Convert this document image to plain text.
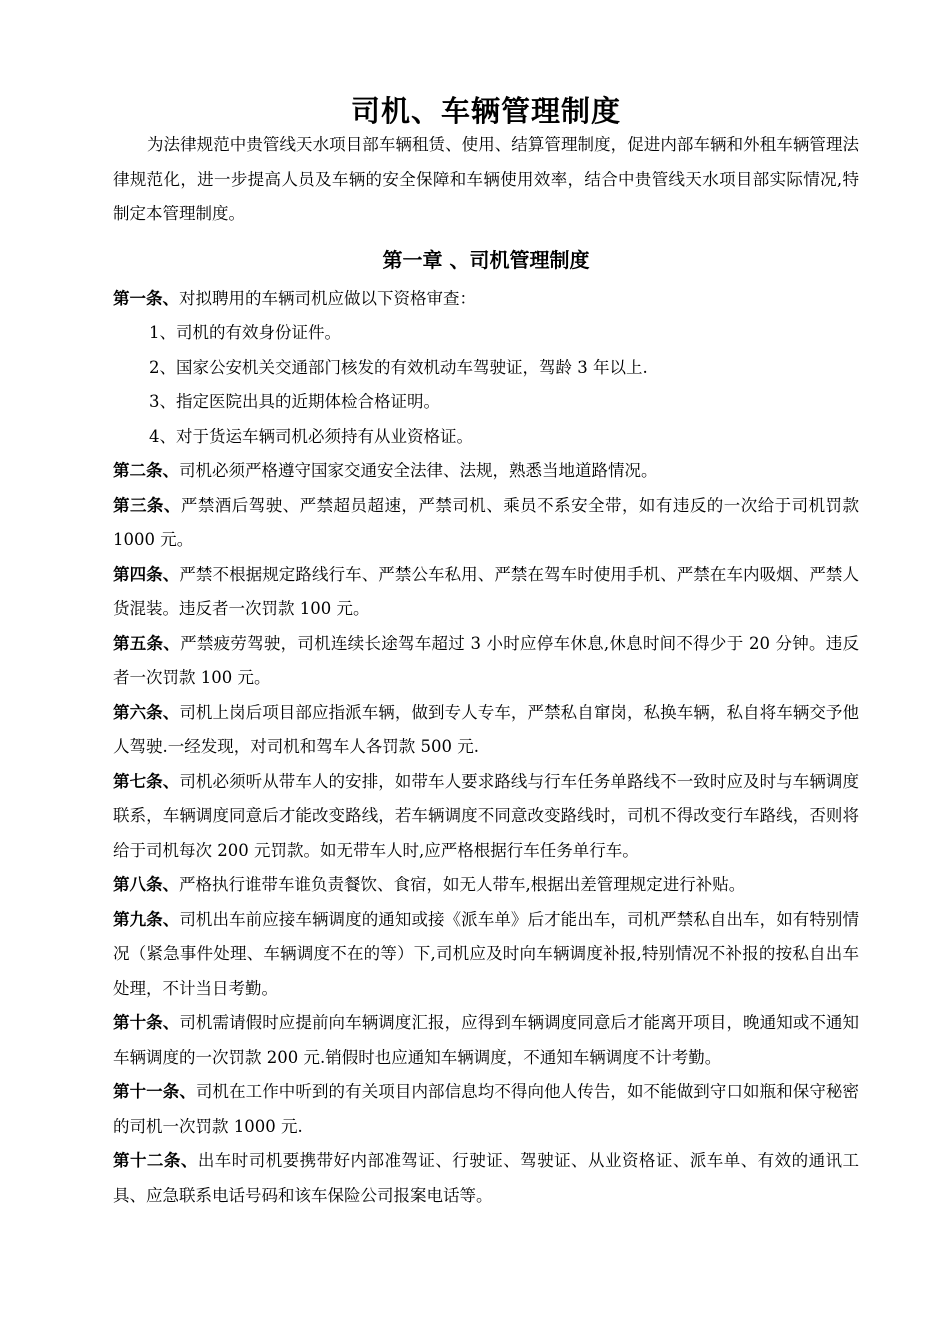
司机、车辆管理制度

为法律规范中贵管线天水项目部车辆租赁、使用、结算管理制度，促进内部车辆和外租车辆管理法律规范化，进一步提高人员及车辆的安全保障和车辆使用效率，结合中贵管线天水项目部实际情况,特制定本管理制度。

第一章 、司机管理制度

第一条、对拟聘用的车辆司机应做以下资格审查：

1、司机的有效身份证件。
2、国家公安机关交通部门核发的有效机动车驾驶证，驾龄 3 年以上.
3、指定医院出具的近期体检合格证明。
4、对于货运车辆司机必须持有从业资格证。

第二条、司机必须严格遵守国家交通安全法律、法规，熟悉当地道路情况。

第三条、严禁酒后驾驶、严禁超员超速，严禁司机、乘员不系安全带，如有违反的一次给于司机罚款 1000 元。

第四条、严禁不根据规定路线行车、严禁公车私用、严禁在驾车时使用手机、严禁在车内吸烟、严禁人货混装。违反者一次罚款 100 元。

第五条、严禁疲劳驾驶，司机连续长途驾车超过 3 小时应停车休息,休息时间不得少于 20 分钟。违反者一次罚款 100 元。

第六条、司机上岗后项目部应指派车辆，做到专人专车，严禁私自窜岗，私换车辆，私自将车辆交予他人驾驶.一经发现，对司机和驾车人各罚款 500 元.

第七条、司机必须听从带车人的安排，如带车人要求路线与行车任务单路线不一致时应及时与车辆调度联系，车辆调度同意后才能改变路线，若车辆调度不同意改变路线时，司机不得改变行车路线，否则将给于司机每次 200 元罚款。如无带车人时,应严格根据行车任务单行车。

第八条、严格执行谁带车谁负责餐饮、食宿，如无人带车,根据出差管理规定进行补贴。

第九条、司机出车前应接车辆调度的通知或接《派车单》后才能出车，司机严禁私自出车，如有特别情况（紧急事件处理、车辆调度不在的等）下,司机应及时向车辆调度补报,特别情况不补报的按私自出车处理，不计当日考勤。

第十条、司机需请假时应提前向车辆调度汇报，应得到车辆调度同意后才能离开项目，晚通知或不通知车辆调度的一次罚款 200 元.销假时也应通知车辆调度，不通知车辆调度不计考勤。

第十一条、司机在工作中听到的有关项目内部信息均不得向他人传告，如不能做到守口如瓶和保守秘密的司机一次罚款 1000 元.

第十二条、出车时司机要携带好内部准驾证、行驶证、驾驶证、从业资格证、派车单、有效的通讯工具、应急联系电话号码和该车保险公司报案电话等。
